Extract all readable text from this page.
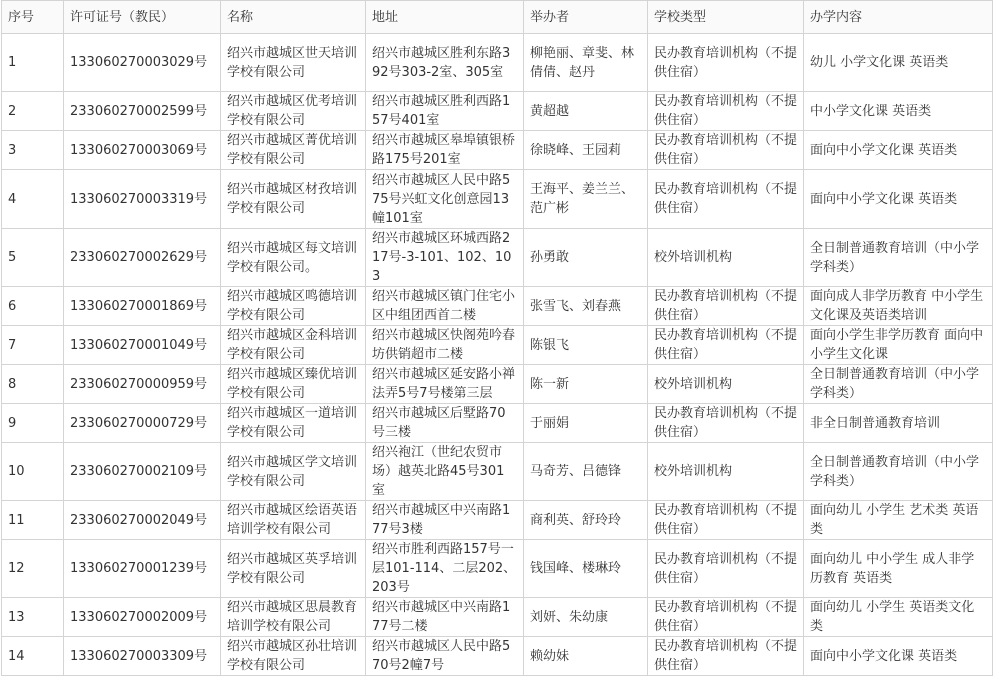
序号	许可证号（教民）	名称	地址	举办者	学校类型	办学内容
1	133060270003029号	绍兴市越城区世天培训学校有限公司	绍兴市越城区胜利东路392号303-2室、305室	柳艳丽、章斐、林倩倩、赵丹	民办教育培训机构（不提供住宿）	幼儿 小学文化课 英语类
2	233060270002599号	绍兴市越城区优考培训学校有限公司	绍兴市越城区胜利西路157号401室	黄超越	民办教育培训机构（不提供住宿）	中小学文化课 英语类
3	133060270003069号	绍兴市越城区菁优培训学校有限公司	绍兴市越城区皋埠镇银桥路175号201室	徐晓峰、王园莉	民办教育培训机构（不提供住宿）	面向中小学文化课 英语类
4	133060270003319号	绍兴市越城区材孜培训学校有限公司	绍兴市越城区人民中路575号兴虹文化创意园13幢101室	王海平、姜兰兰、范广彬	民办教育培训机构（不提供住宿）	面向中小学文化课 英语类
5	233060270002629号	绍兴市越城区每文培训学校有限公司。	绍兴市越城区环城西路217号-3-101、102、103	孙勇敢	校外培训机构	全日制普通教育培训（中小学学科类）
6	133060270001869号	绍兴市越城区鸣德培训学校有限公司	绍兴市越城区镇门住宅小区中组团西首二楼	张雪飞、刘春燕	民办教育培训机构（不提供住宿）	面向成人非学历教育 中小学生文化课及英语类培训
7	133060270001049号	绍兴市越城区金科培训学校有限公司	绍兴市越城区快阁苑吟春坊供销超市二楼	陈银飞	民办教育培训机构（不提供住宿）	面向小学生非学历教育 面向中小学生文化课
8	233060270000959号	绍兴市越城区臻优培训学校有限公司	绍兴市越城区延安路小禅法弄5号7号楼第三层	陈一新	校外培训机构	全日制普通教育培训（中小学学科类）
9	233060270000729号	绍兴市越城区一道培训学校有限公司	绍兴市越城区后墅路70号三楼	于丽娟	民办教育培训机构（不提供住宿）	非全日制普通教育培训
10	233060270002109号	绍兴市越城区学文培训学校有限公司	绍兴袍江（世纪农贸市场）越英北路45号301室	马奇芳、吕德锋	校外培训机构	全日制普通教育培训（中小学学科类）
11	233060270002049号	绍兴市越城区绘语英语培训学校有限公司	绍兴市越城区中兴南路177号3楼	商利英、舒玲玲	民办教育培训机构（不提供住宿）	面向幼儿 小学生 艺术类 英语类
12	133060270001239号	绍兴市越城区英孚培训学校有限公司	绍兴市胜利西路157号一层101-114、二层202、203号	钱国峰、楼琳玲	民办教育培训机构（不提供住宿）	面向幼儿 中小学生 成人非学历教育 英语类
13	133060270002009号	绍兴市越城区思晨教育培训学校有限公司	绍兴市越城区中兴南路177号二楼	刘妍、朱幼康	民办教育培训机构（不提供住宿）	面向幼儿 小学生 英语类文化类
14	133060270003309号	绍兴市越城区孙壮培训学校有限公司	绍兴市越城区人民中路570号2幢7号	赖幼妹	民办教育培训机构（不提供住宿）	面向中小学文化课 英语类
